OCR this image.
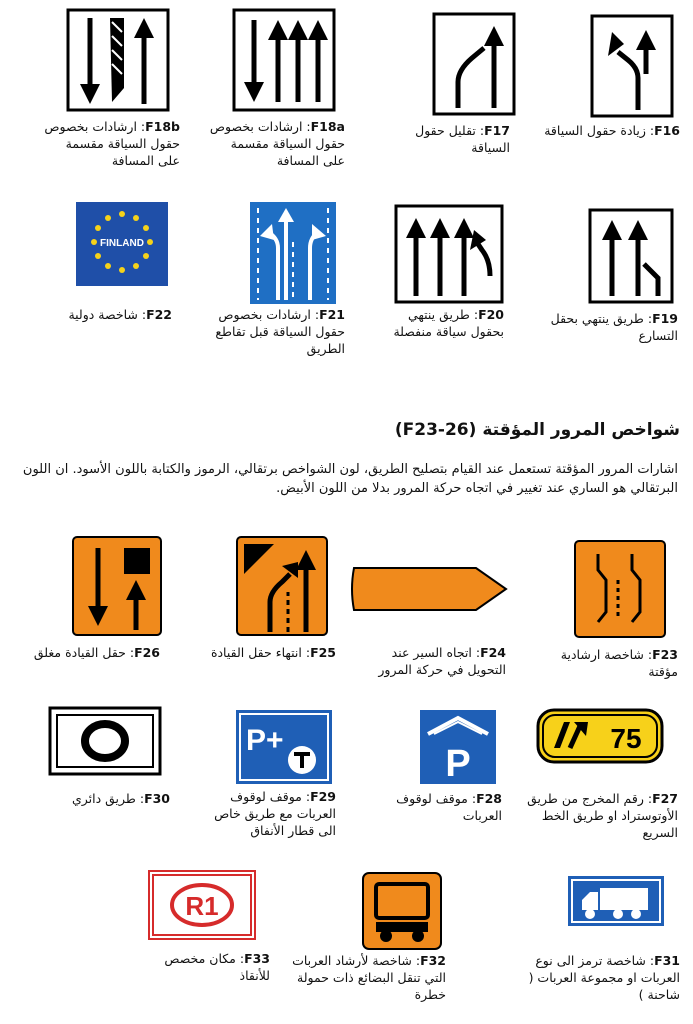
F18b: ارشادات بخصوص حقول السياقة مقسمة على المسافة
F18a: ارشادات بخصوص حقول السياقة مقسمة على المسافة
F17: تقليل حقول السياقة
F16: زيادة حقول السياقة
FINLAND
F22: شاخصة دولية	F21: ارشادات بخصوص حقول السياقة قبل تقاطع الطريق
F20: طريق ينتهي بحقول سياقة منفصلة
F19: طريق ينتهي بحقل التسارع
شواخص المرور المؤقتة (F23-26)
اشارات المرور المؤقتة تستعمل عند القيام بتصليح الطريق، لون الشواخص برتقالي، الرموز والكتابة باللون الأسود. ان اللون البرتقالي هو الساري عند تغيير في اتجاه حركة المرور بدلا من اللون الأبيض.
F26: حقل القيادة مغلق	F25: انتهاء حقل القيادة	F24: اتجاه السير عند التحويل في حركة المرور
F23: شاخصة ارشادية مؤقتة
F30: طريق دائري
P+
F29: موقف لوقوف العربات مع طريق خاص الى قطار الأنفاق
P
F28: موقف لوقوف العربات
75
F27: رقم المخرج من طريق الأوتوستراد او طريق الخط السريع
R1
F33: مكان مخصص للأنقاذ
F32: شاخصة لأرشاد العربات التي تنقل البضائع ذات حمولة خطرة
F31: شاخصة ترمز الى نوع العربات او مجموعة العربات ( شاحنة )
